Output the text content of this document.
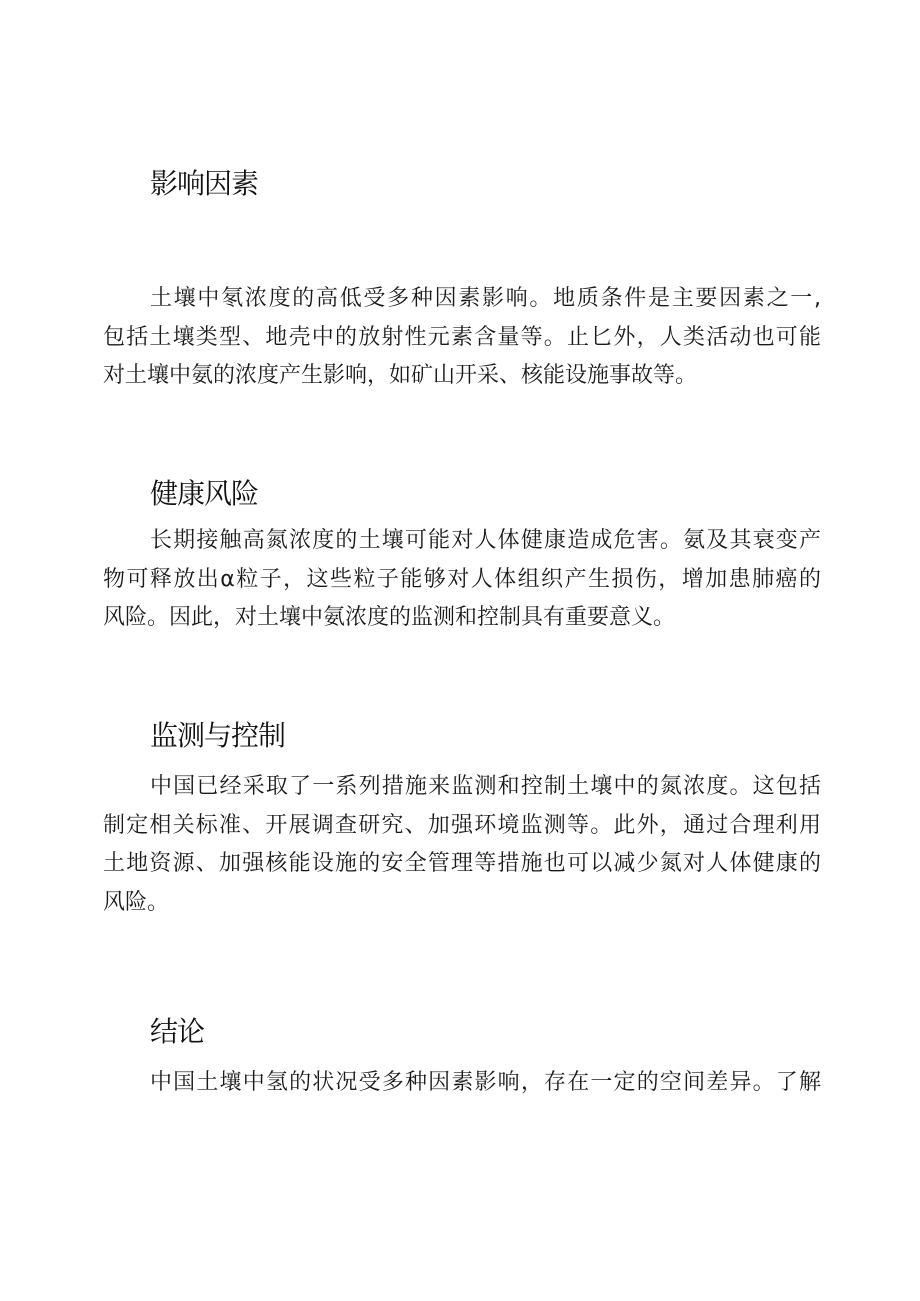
影响因素
土壤中氡浓度的高低受多种因素影响。地质条件是主要因素之一,
包括土壤类型、地壳中的放射性元素含量等。止匕外，人类活动也可能
对土壤中氨的浓度产生影响，如矿山开采、核能设施事故等。
健康风险
长期接触高氮浓度的土壤可能对人体健康造成危害。氨及其衰变产
物可释放出α粒子，这些粒子能够对人体组织产生损伤，增加患肺癌的
风险。因此，对土壤中氨浓度的监测和控制具有重要意义。
监测与控制
中国已经采取了一系列措施来监测和控制土壤中的氮浓度。这包括
制定相关标准、开展调查研究、加强环境监测等。此外，通过合理利用
土地资源、加强核能设施的安全管理等措施也可以减少氮对人体健康的
风险。
结论
中国土壤中氢的状况受多种因素影响，存在一定的空间差异。了解
